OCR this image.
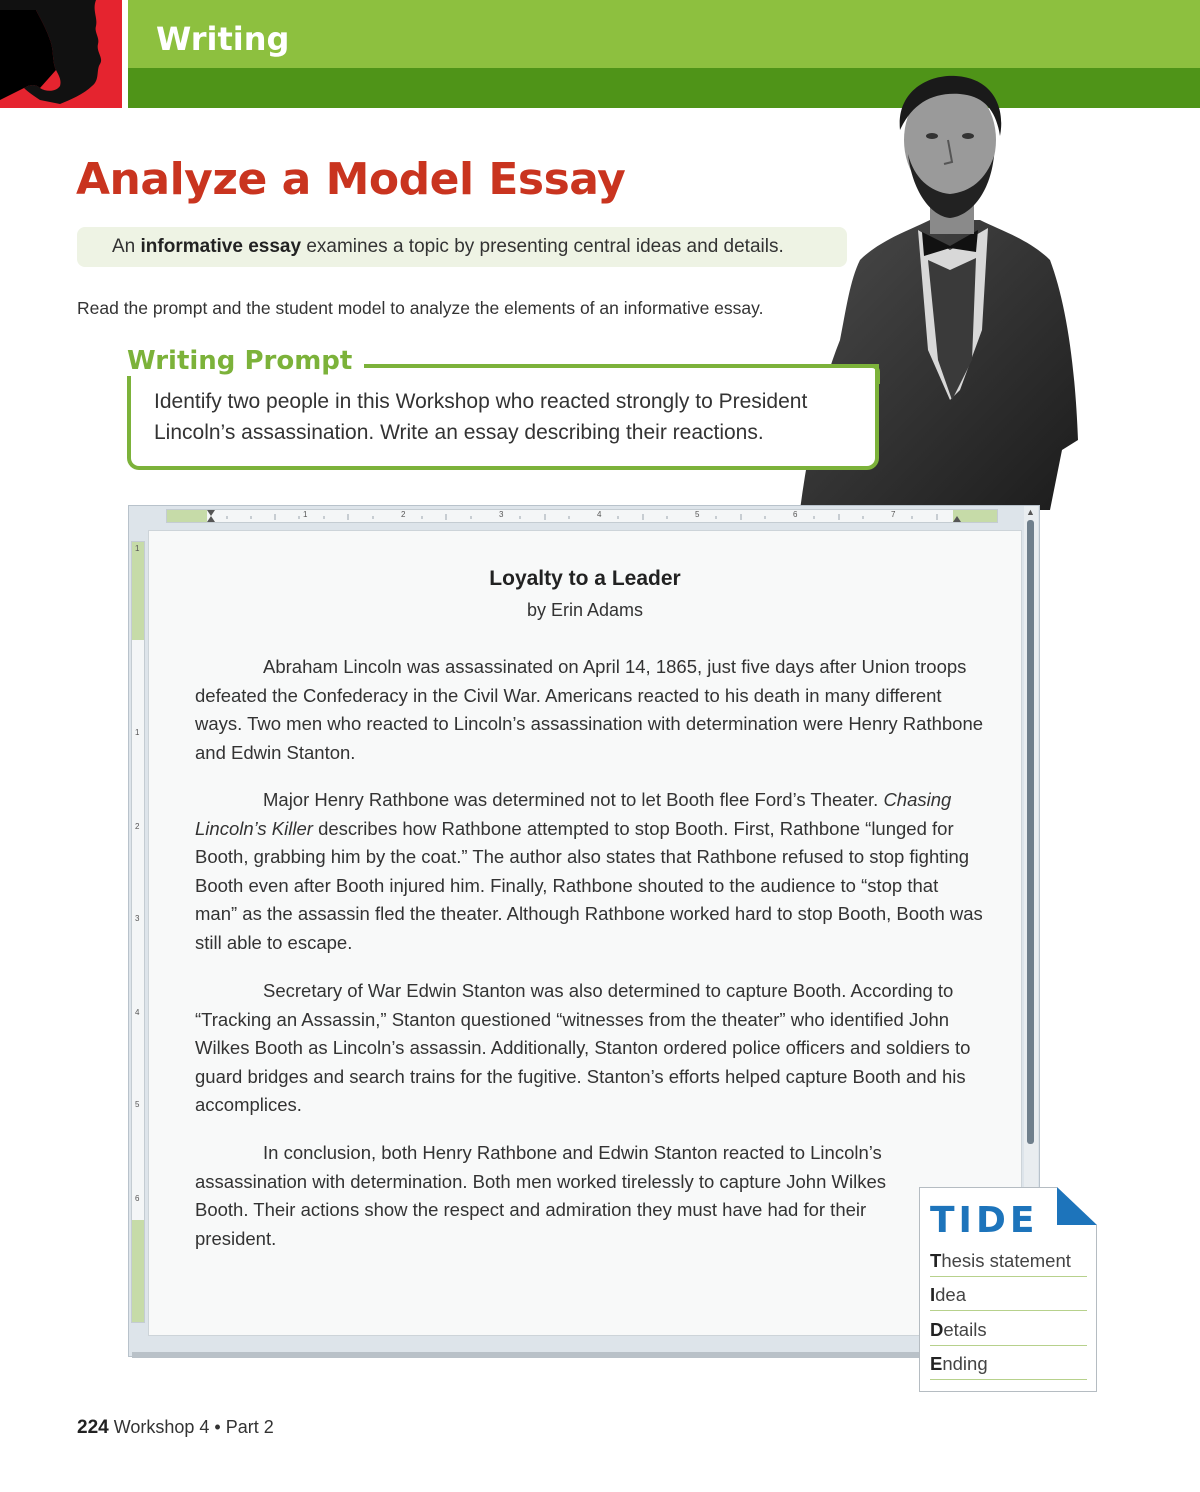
Writing
Analyze a Model Essay
An informative essay examines a topic by presenting central ideas and details.
Read the prompt and the student model to analyze the elements of an informative essay.
Writing Prompt
Identify two people in this Workshop who reacted strongly to President Lincoln’s assassination. Write an essay describing their reactions.
1	2	3	4	5	6	7
1
1
2
3
4
5
6
▲
Loyalty to a Leader
by Erin Adams
Abraham Lincoln was assassinated on April 14, 1865, just five days after Union troops defeated the Confederacy in the Civil War. Americans reacted to his death in many different ways. Two men who reacted to Lincoln’s assassination with determination were Henry Rathbone and Edwin Stanton.
Major Henry Rathbone was determined not to let Booth flee Ford’s Theater. Chasing Lincoln’s Killer describes how Rathbone attempted to stop Booth. First, Rathbone “lunged for Booth, grabbing him by the coat.” The author also states that Rathbone refused to stop fighting Booth even after Booth injured him. Finally, Rathbone shouted to the audience to “stop that man” as the assassin fled the theater. Although Rathbone worked hard to stop Booth, Booth was still able to escape.
Secretary of War Edwin Stanton was also determined to capture Booth. According to “Tracking an Assassin,” Stanton questioned “witnesses from the theater” who identified John Wilkes Booth as Lincoln’s assassin. Additionally, Stanton ordered police officers and soldiers to guard bridges and search trains for the fugitive. Stanton’s efforts helped capture Booth and his accomplices.
In conclusion, both Henry Rathbone and Edwin Stanton reacted to Lincoln’s assassination with determination. Both men worked tirelessly to capture John Wilkes Booth. Their actions show the respect and admiration they must have had for their president.	TIDE
Thesis statement
Idea
Details
Ending
224 Workshop 4 • Part 2
